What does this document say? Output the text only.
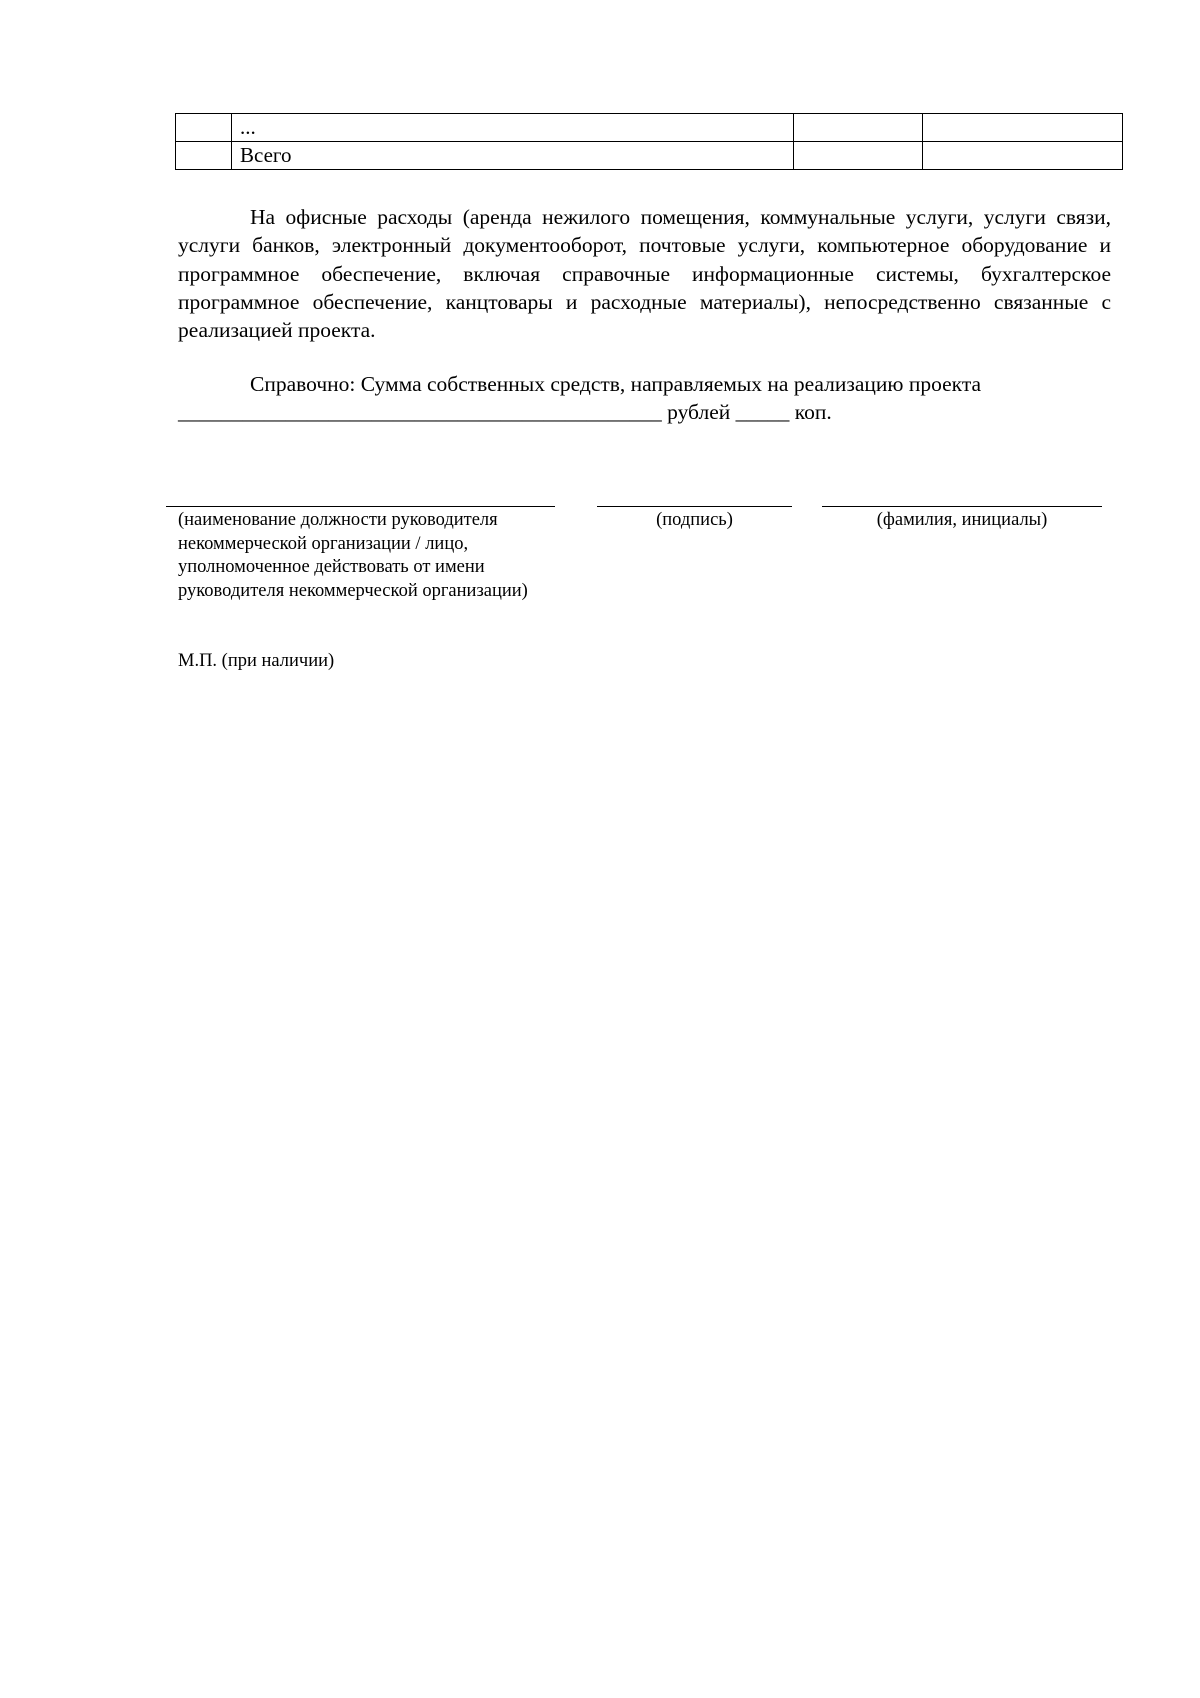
	...		
	Всего		

На офисные расходы (аренда нежилого помещения, коммунальные услуги, услуги связи, услуги банков, электронный документооборот, почтовые услуги, компьютерное оборудование и программное обеспечение, включая справочные информационные системы, бухгалтерское программное обеспечение, канцтовары и расходные материалы), непосредственно связанные с реализацией проекта.

Справочно: Сумма собственных средств, направляемых на реализацию проекта
_____________________________________________ рублей _____ коп.

(наименование должности руководителя некоммерческой организации / лицо, уполномоченное действовать от имени руководителя некоммерческой организации)

(подпись)	(фамилия, инициалы)

М.П. (при наличии)
